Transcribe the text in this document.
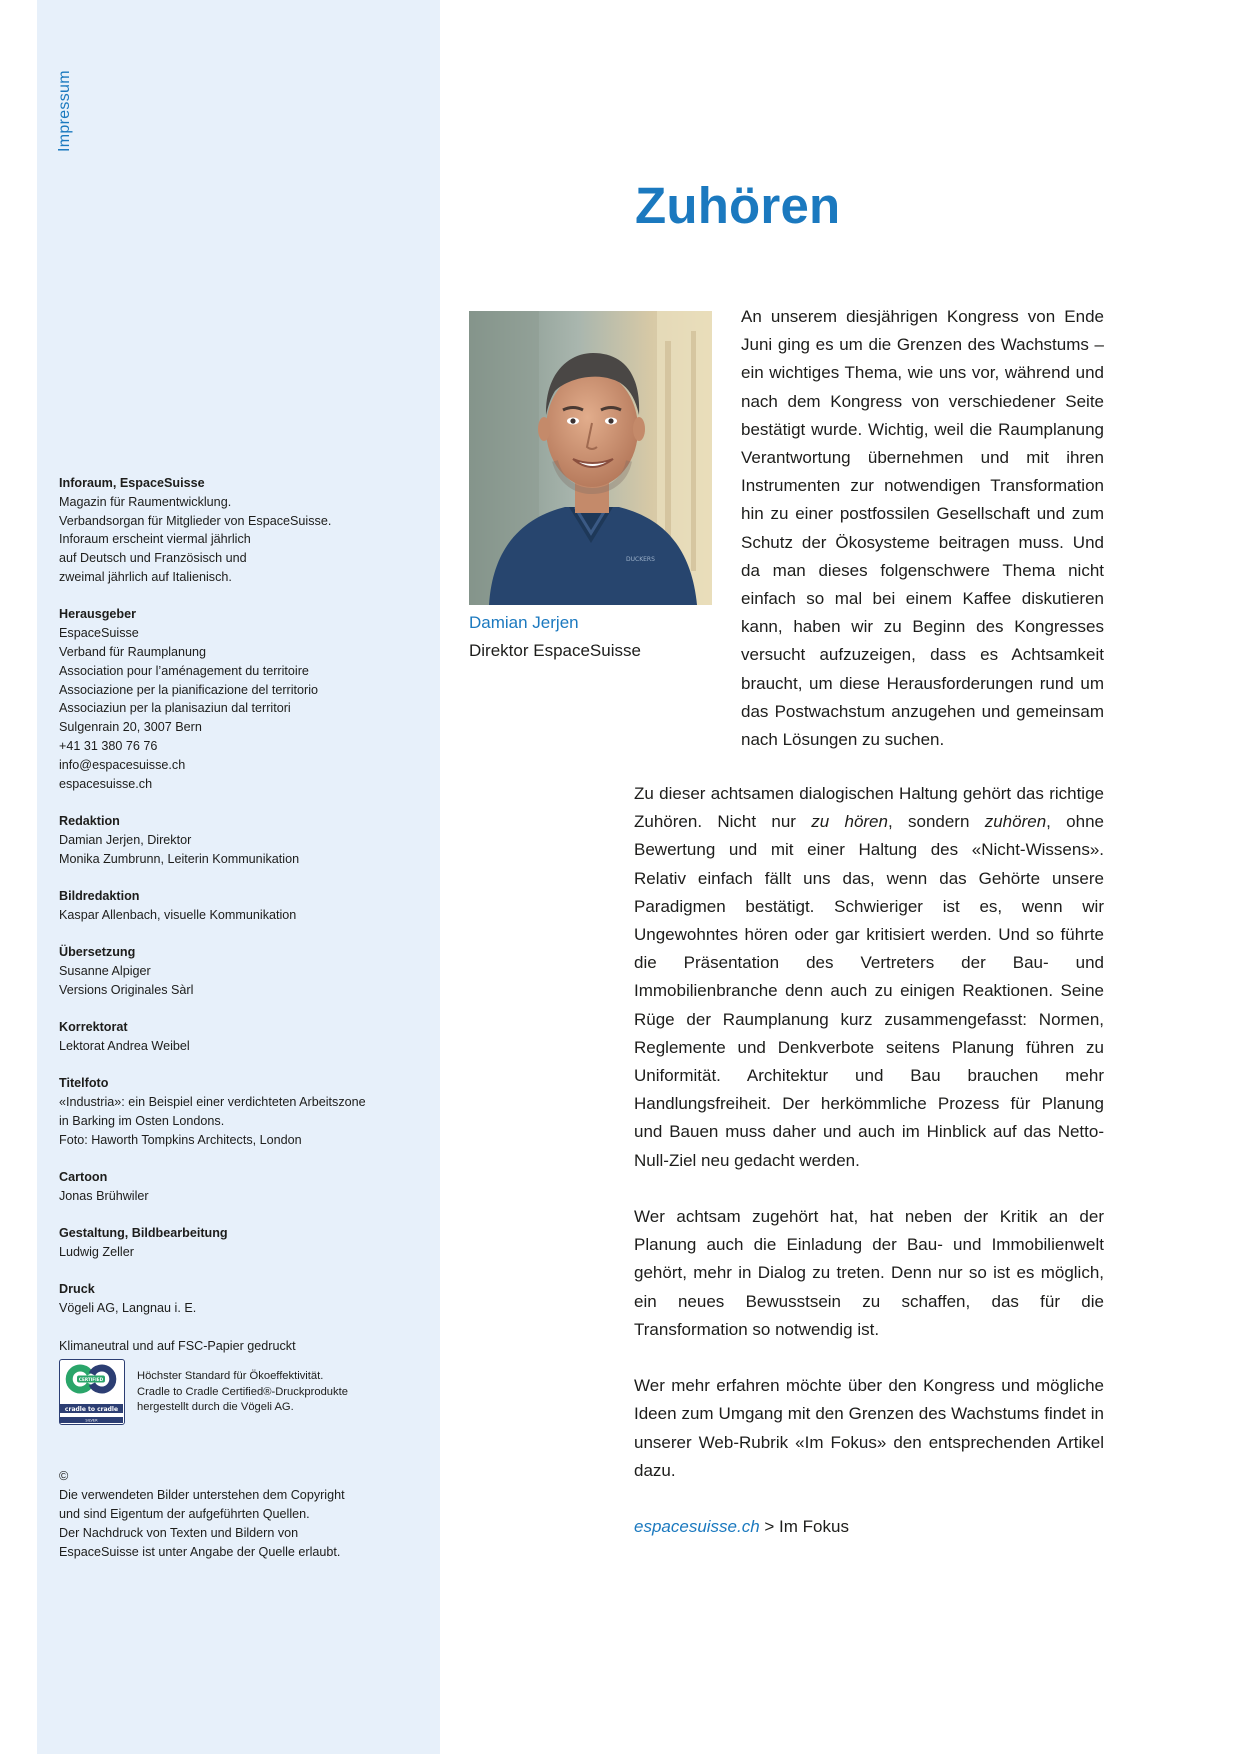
Impressum
Inforaum, EspaceSuisse
Magazin für Raumentwicklung.
Verbandsorgan für Mitglieder von EspaceSuisse.
Inforaum erscheint viermal jährlich
auf Deutsch und Französisch und
zweimal jährlich auf Italienisch.
Herausgeber
EspaceSuisse
Verband für Raumplanung
Association pour l’aménagement du territoire
Associazione per la pianificazione del territorio
Associaziun per la planisaziun dal territori
Sulgenrain 20, 3007 Bern
+41 31 380 76 76
info@espacesuisse.ch
espacesuisse.ch
Redaktion
Damian Jerjen, Direktor
Monika Zumbrunn, Leiterin Kommunikation
Bildredaktion
Kaspar Allenbach, visuelle Kommunikation
Übersetzung
Susanne Alpiger
Versions Originales Sàrl
Korrektorat
Lektorat Andrea Weibel
Titelfoto
«Industria»: ein Beispiel einer verdichteten Arbeitszone
in Barking im Osten Londons.
Foto: Haworth Tompkins Architects, London
Cartoon
Jonas Brühwiler
Gestaltung, Bildbearbeitung
Ludwig Zeller
Druck
Vögeli AG, Langnau i. E.
Klimaneutral und auf FSC-Papier gedruckt
CERTIFIED
cradle to cradle
SILVER
Höchster Standard für Ökoeffektivität.
Cradle to Cradle Certified®-Druckprodukte
hergestellt durch die Vögeli AG.
©
Die verwendeten Bilder unterstehen dem Copyright
und sind Eigentum der aufgeführten Quellen.
Der Nachdruck von Texten und Bildern von
EspaceSuisse ist unter Angabe der Quelle erlaubt.
Zuhören
DUCKERS
Damian Jerjen
Direktor EspaceSuisse

An unserem diesjährigen Kongress von Ende Juni ging es um die Grenzen des Wachstums – ein wichtiges Thema, wie uns vor, während und nach dem Kongress von verschiedener Seite bestätigt wurde. Wichtig, weil die Raumplanung Verantwortung übernehmen und mit ihren Instrumenten zur notwendigen Transformation hin zu einer postfossilen Gesellschaft und zum Schutz der Ökosysteme beitragen muss. Und da man dieses folgenschwere Thema nicht einfach so mal bei einem Kaffee diskutieren kann, haben wir zu Beginn des Kongresses versucht aufzuzeigen, dass es Achtsamkeit braucht, um diese Herausforderungen rund um das Postwachstum anzugehen und gemeinsam nach Lösungen zu suchen.

Zu dieser achtsamen dialogischen Haltung gehört das richtige Zuhören. Nicht nur zu hören, sondern zuhören, ohne Bewertung und mit einer Haltung des «Nicht-Wissens». Relativ einfach fällt uns das, wenn das Gehörte unsere Paradigmen bestätigt. Schwieriger ist es, wenn wir Ungewohntes hören oder gar kritisiert werden. Und so führte die Präsentation des Vertreters der Bau- und Immobilienbranche denn auch zu einigen Reaktionen. Seine Rüge der Raumplanung kurz zusammengefasst: Normen, Reglemente und Denkverbote seitens Planung führen zu Uniformität. Architektur und Bau brauchen mehr Handlungsfreiheit. Der herkömmliche Prozess für Planung und Bauen muss daher und auch im Hinblick auf das Netto-Null-Ziel neu gedacht werden.

Wer achtsam zugehört hat, hat neben der Kritik an der Planung auch die Einladung der Bau- und Immobilienwelt gehört, mehr in Dialog zu treten. Denn nur so ist es möglich, ein neues Bewusstsein zu schaffen, das für die Transformation so notwendig ist.

Wer mehr erfahren möchte über den Kongress und mögliche Ideen zum Umgang mit den Grenzen des Wachstums findet in unserer Web-Rubrik «Im Fokus» den entsprechenden Artikel dazu.

espacesuisse.ch > Im Fokus
